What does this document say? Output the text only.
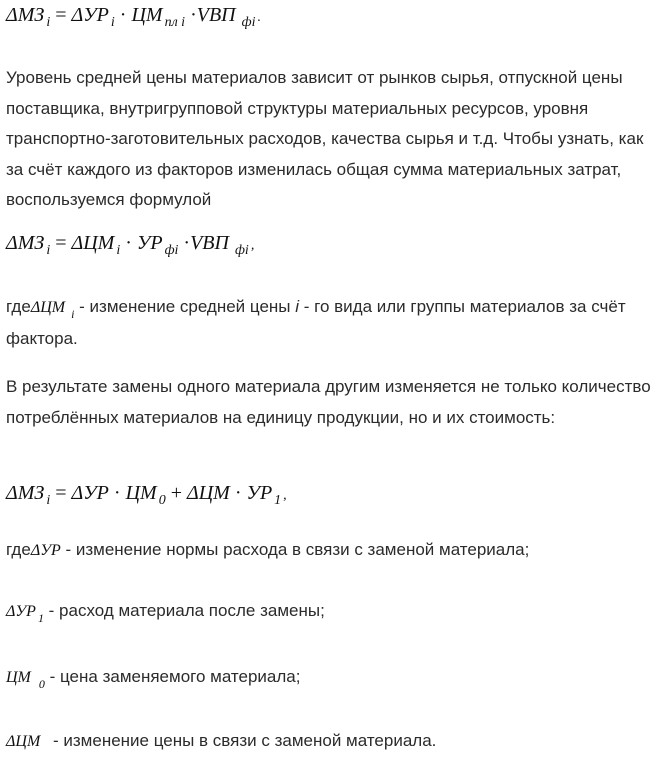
ΔМЗ $_i$ = ΔУР $_i$ · ЦМ $_{пл i}$ ·VВП $_{фi}$ .
Уровень средней цены материалов зависит от рынков сырья, отпускной цены поставщика, внутригрупповой структуры материальных ресурсов, уровня транспортно-заготовительных расходов, качества сырья и т.д. Чтобы узнать, как за счёт каждого из факторов изменилась общая сумма материальных затрат, воспользуемся формулой
ΔМЗ $_i$ = ΔЦМ $_i$ · УР $_{фi}$ ·VВП $_{фi}$ ,
гдеΔЦМ $_i$ - изменение средней цены i - го вида или группы материалов за счёт фактора.
В результате замены одного материала другим изменяется не только количество потреблённых материалов на единицу продукции, но и их стоимость:
ΔМЗ $_i$ = ΔУР · ЦМ $_0$ + ΔЦМ · УР $_1$ ,
гдеΔУР - изменение нормы расхода в связи с заменой материала;
ΔУР $_1$ - расход материала после замены;
ЦМ $_0$ - цена заменяемого материала;
ΔЦМ - изменение цены в связи с заменой материала.
